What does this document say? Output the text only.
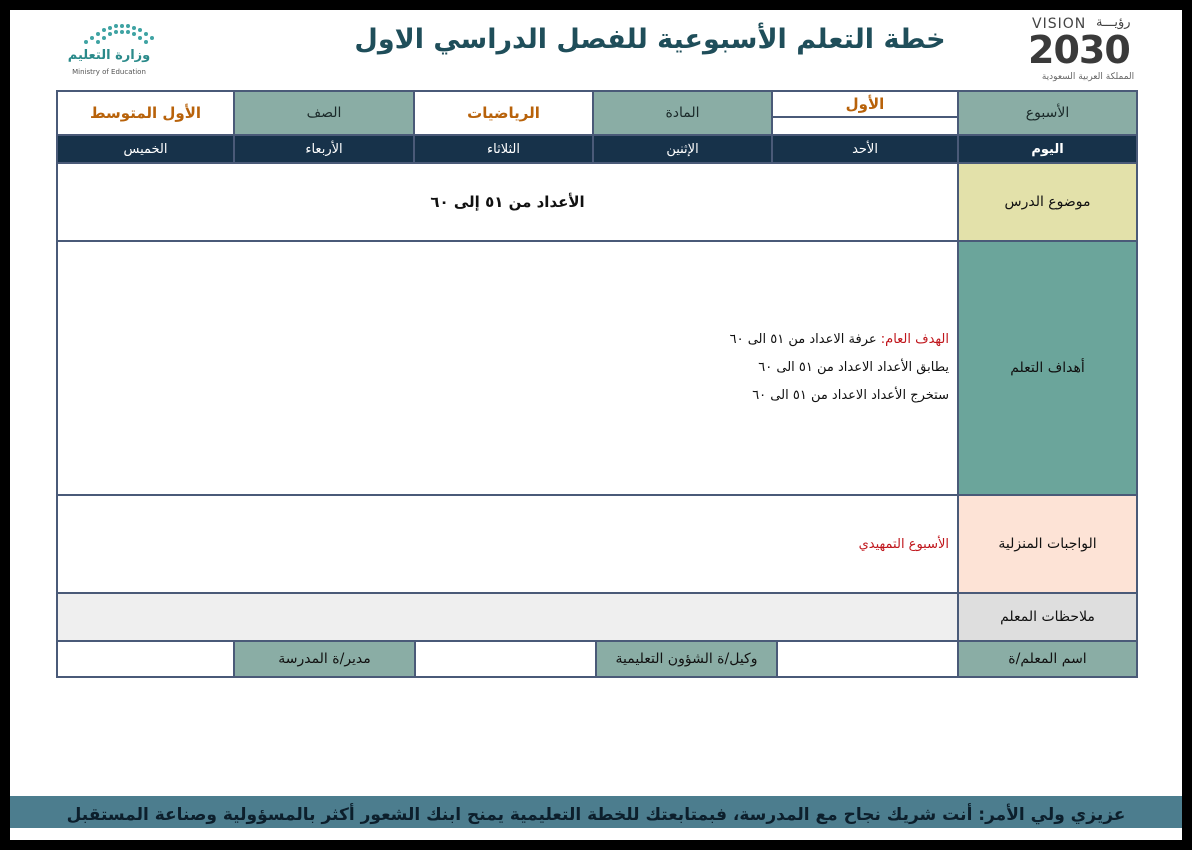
وزارة التعليم
Ministry of Education
خطة التعلم الأسبوعية للفصل الدراسي الاول	VISION رؤيـــة
2030
المملكة العربية السعودية
الأسبوع
الأول
المادة
الرياضيات
الصف
الأول المتوسط
اليوم
الأحد
الإثنين
الثلاثاء
الأربعاء
الخميس
موضوع الدرس
الأعداد من ٥١ إلى ٦٠
أهداف التعلم
الهدف العام: عرفة الاعداد من ٥١ الى ٦٠
يطابق الأعداد الاعداد من ٥١ الى ٦٠
ستخرج الأعداد الاعداد من ٥١ الى ٦٠
الواجبات المنزلية
الأسبوع التمهيدي
ملاحظات المعلم
اسم المعلم/ة
وكيل/ة الشؤون التعليمية
مدير/ة المدرسة
عزيزي ولي الأمر: أنت شريك نجاح مع المدرسة، فبمتابعتك للخطة التعليمية يمنح ابنك الشعور أكثر بالمسؤولية وصناعة المستقبل
